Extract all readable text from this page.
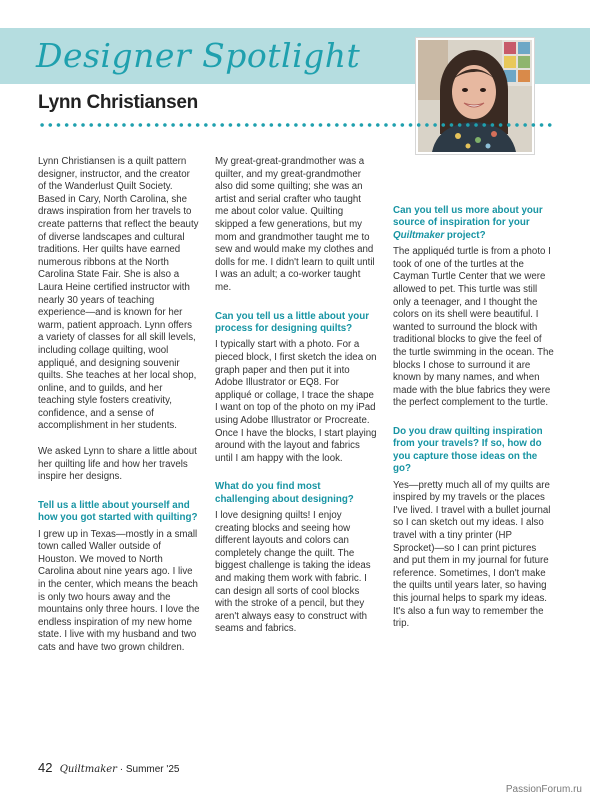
Designer Spotlight
Lynn Christiansen

Lynn Christiansen is a quilt pattern designer, instructor, and the creator of the Wanderlust Quilt Society. Based in Cary, North Carolina, she draws inspiration from her travels to create patterns that reflect the beauty of diverse landscapes and cultural traditions. Her quilts have earned numerous ribbons at the North Carolina State Fair. She is also a Laura Heine certified instructor with nearly 30 years of teaching experience—and is known for her warm, patient approach. Lynn offers a variety of classes for all skill levels, including collage quilting, wool appliqué, and designing souvenir quilts. She teaches at her local shop, online, and to guilds, and her teaching style fosters creativity, confidence, and a sense of accomplishment in her students.

We asked Lynn to share a little about her quilting life and how her travels inspire her designs.

Tell us a little about yourself and how you got started with quilting?

I grew up in Texas—mostly in a small town called Waller outside of Houston. We moved to North Carolina about nine years ago. I live in the center, which means the beach is only two hours away and the mountains only three hours. I love the endless inspiration of my new home state. I live with my husband and two cats and have two grown children.

My great-great-grandmother was a quilter, and my great-grandmother also did some quilting; she was an artist and serial crafter who taught me about color value. Quilting skipped a few generations, but my mom and grandmother taught me to sew and would make my clothes and dolls for me. I didn't learn to quilt until I was an adult; a co-worker taught me.

Can you tell us a little about your process for designing quilts?

I typically start with a photo. For a pieced block, I first sketch the idea on graph paper and then put it into Adobe Illustrator or EQ8. For appliqué or collage, I trace the shape I want on top of the photo on my iPad using Adobe Illustrator or Procreate. Once I have the blocks, I start playing around with the layout and fabrics until I am happy with the look.

What do you find most challenging about designing?

I love designing quilts! I enjoy creating blocks and seeing how different layouts and colors can completely change the quilt. The biggest challenge is taking the ideas and making them work with fabric. I can design all sorts of cool blocks with the stroke of a pencil, but they aren't always easy to construct with seams and fabrics.

Can you tell us more about your source of inspiration for your Quiltmaker project?

The appliquéd turtle is from a photo I took of one of the turtles at the Cayman Turtle Center that we were allowed to pet. This turtle was still only a teenager, and I thought the colors on its shell were beautiful. I wanted to surround the block with traditional blocks to give the feel of the turtle swimming in the ocean. The blocks I chose to surround it are known by many names, and when made with the blue fabrics they were the perfect complement to the turtle.

Do you draw quilting inspiration from your travels? If so, how do you capture those ideas on the go?

Yes—pretty much all of my quilts are inspired by my travels or the places I've lived. I travel with a bullet journal so I can sketch out my ideas. I also travel with a tiny printer (HP Sprocket)—so I can print pictures and put them in my journal for future reference. Sometimes, I don't make the quilts until years later, so having this journal helps to spark my ideas. It's also a fun way to remember the trip.

42 Quiltmaker · Summer '25
PassionForum.ru
